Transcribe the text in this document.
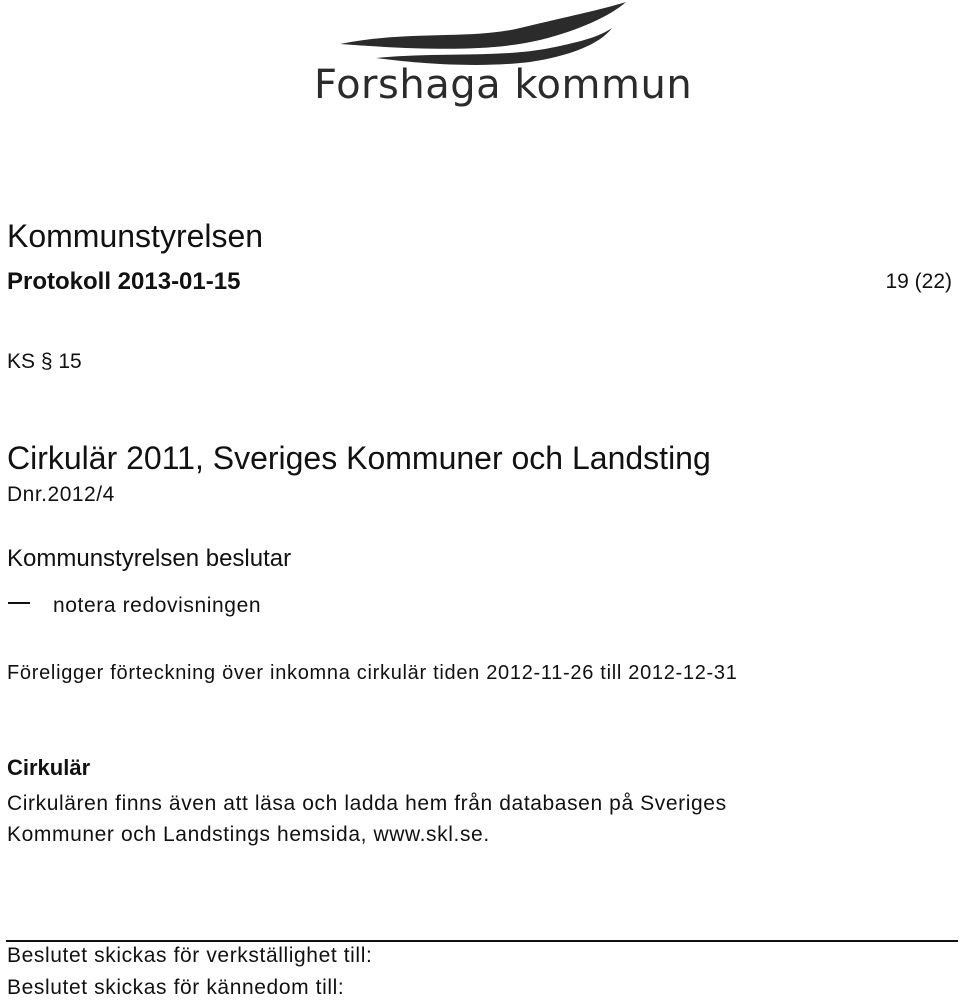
Forshaga kommun
Kommunstyrelsen
Protokoll 2013-01-15	19 (22)
KS § 15
Cirkulär 2011, Sveriges Kommuner och Landsting
Dnr.2012/4
Kommunstyrelsen beslutar
notera redovisningen
Föreligger förteckning över inkomna cirkulär tiden 2012-11-26 till 2012-12-31
Cirkulär
Cirkulären finns även att läsa och ladda hem från databasen på Sveriges
Kommuner och Landstings hemsida, www.skl.se.
Beslutet skickas för verkställighet till:
Beslutet skickas för kännedom till:
